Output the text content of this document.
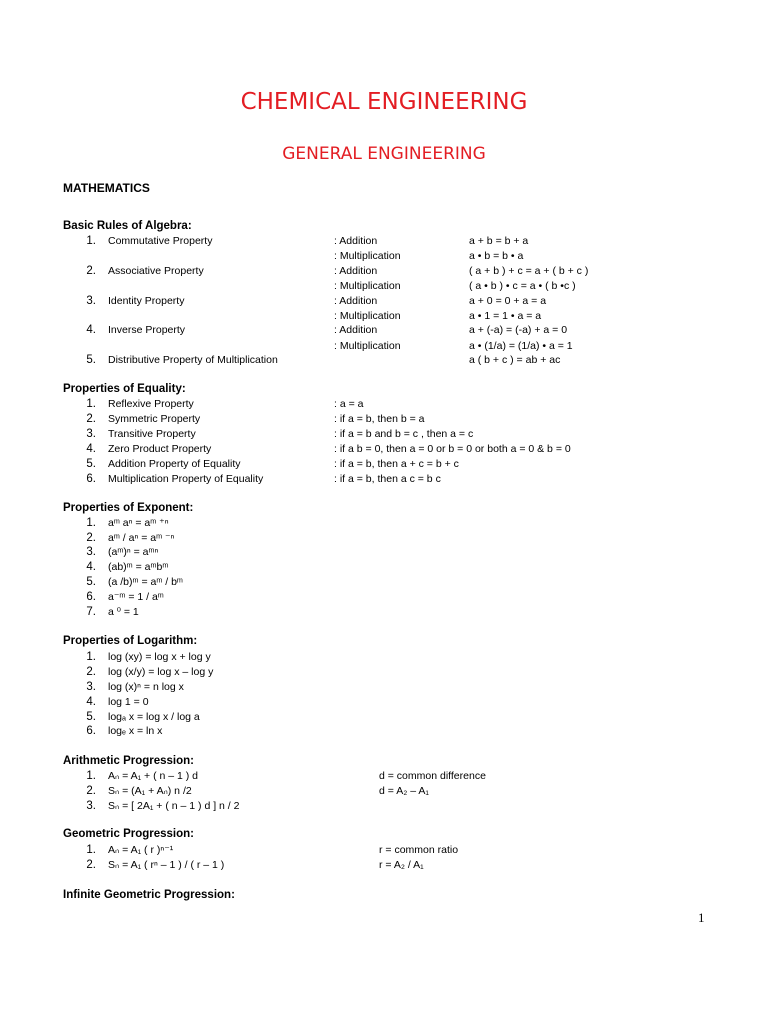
CHEMICAL ENGINEERING
GENERAL ENGINEERING
MATHEMATICS
Basic Rules of Algebra:
1. Commutative Property	: Addition	a + b = b + a
: Multiplication	a • b = b • a
2. Associative Property	: Addition	( a + b ) + c = a + ( b + c )
: Multiplication	( a • b ) • c = a • ( b •c )
3. Identity Property	: Addition	a + 0 = 0 + a = a
: Multiplication	a • 1 = 1 • a = a
4. Inverse Property	: Addition	a + (-a) = (-a) + a = 0
: Multiplication	a • (1/a) = (1/a) • a = 1
5. Distributive Property of Multiplication	a ( b + c ) = ab + ac
Properties of Equality:
1. Reflexive Property	: a = a
2. Symmetric Property	: if a = b, then b = a
3. Transitive Property	: if a = b and b = c , then a = c
4. Zero Product Property	: if a b = 0, then a = 0 or b = 0 or both a = 0 & b = 0
5. Addition Property of Equality	: if a = b, then a + c = b + c
6. Multiplication Property of Equality	: if a = b, then a c = b c
Properties of Exponent:
1. aᵐ aⁿ = aᵐ ⁺ⁿ
2. aᵐ / aⁿ = aᵐ ⁻ⁿ
3. (aᵐ)ⁿ = aᵐⁿ
4. (ab)ᵐ = aᵐbᵐ
5. (a /b)ᵐ = aᵐ / bᵐ
6. a⁻ᵐ = 1 / aᵐ
7. a ⁰ = 1
Properties of Logarithm:
1. log (xy) = log x + log y
2. log (x/y) = log x – log y
3. log (x)ⁿ = n log x
4. log 1 = 0
5. logₐ x = log x / log a
6. logₑ x = ln x
Arithmetic Progression:
1. Aₙ = A₁ + ( n – 1 ) d	d = common difference
2. Sₙ = (A₁ + Aₙ) n /2	d = A₂ – A₁
3. Sₙ = [ 2A₁ + ( n – 1 ) d ] n / 2
Geometric Progression:
1. Aₙ = A₁ ( r )ⁿ⁻¹	r = common ratio
2. Sₙ = A₁ ( rⁿ – 1 ) / ( r – 1 )	r = A₂ / A₁
Infinite Geometric Progression:
1
